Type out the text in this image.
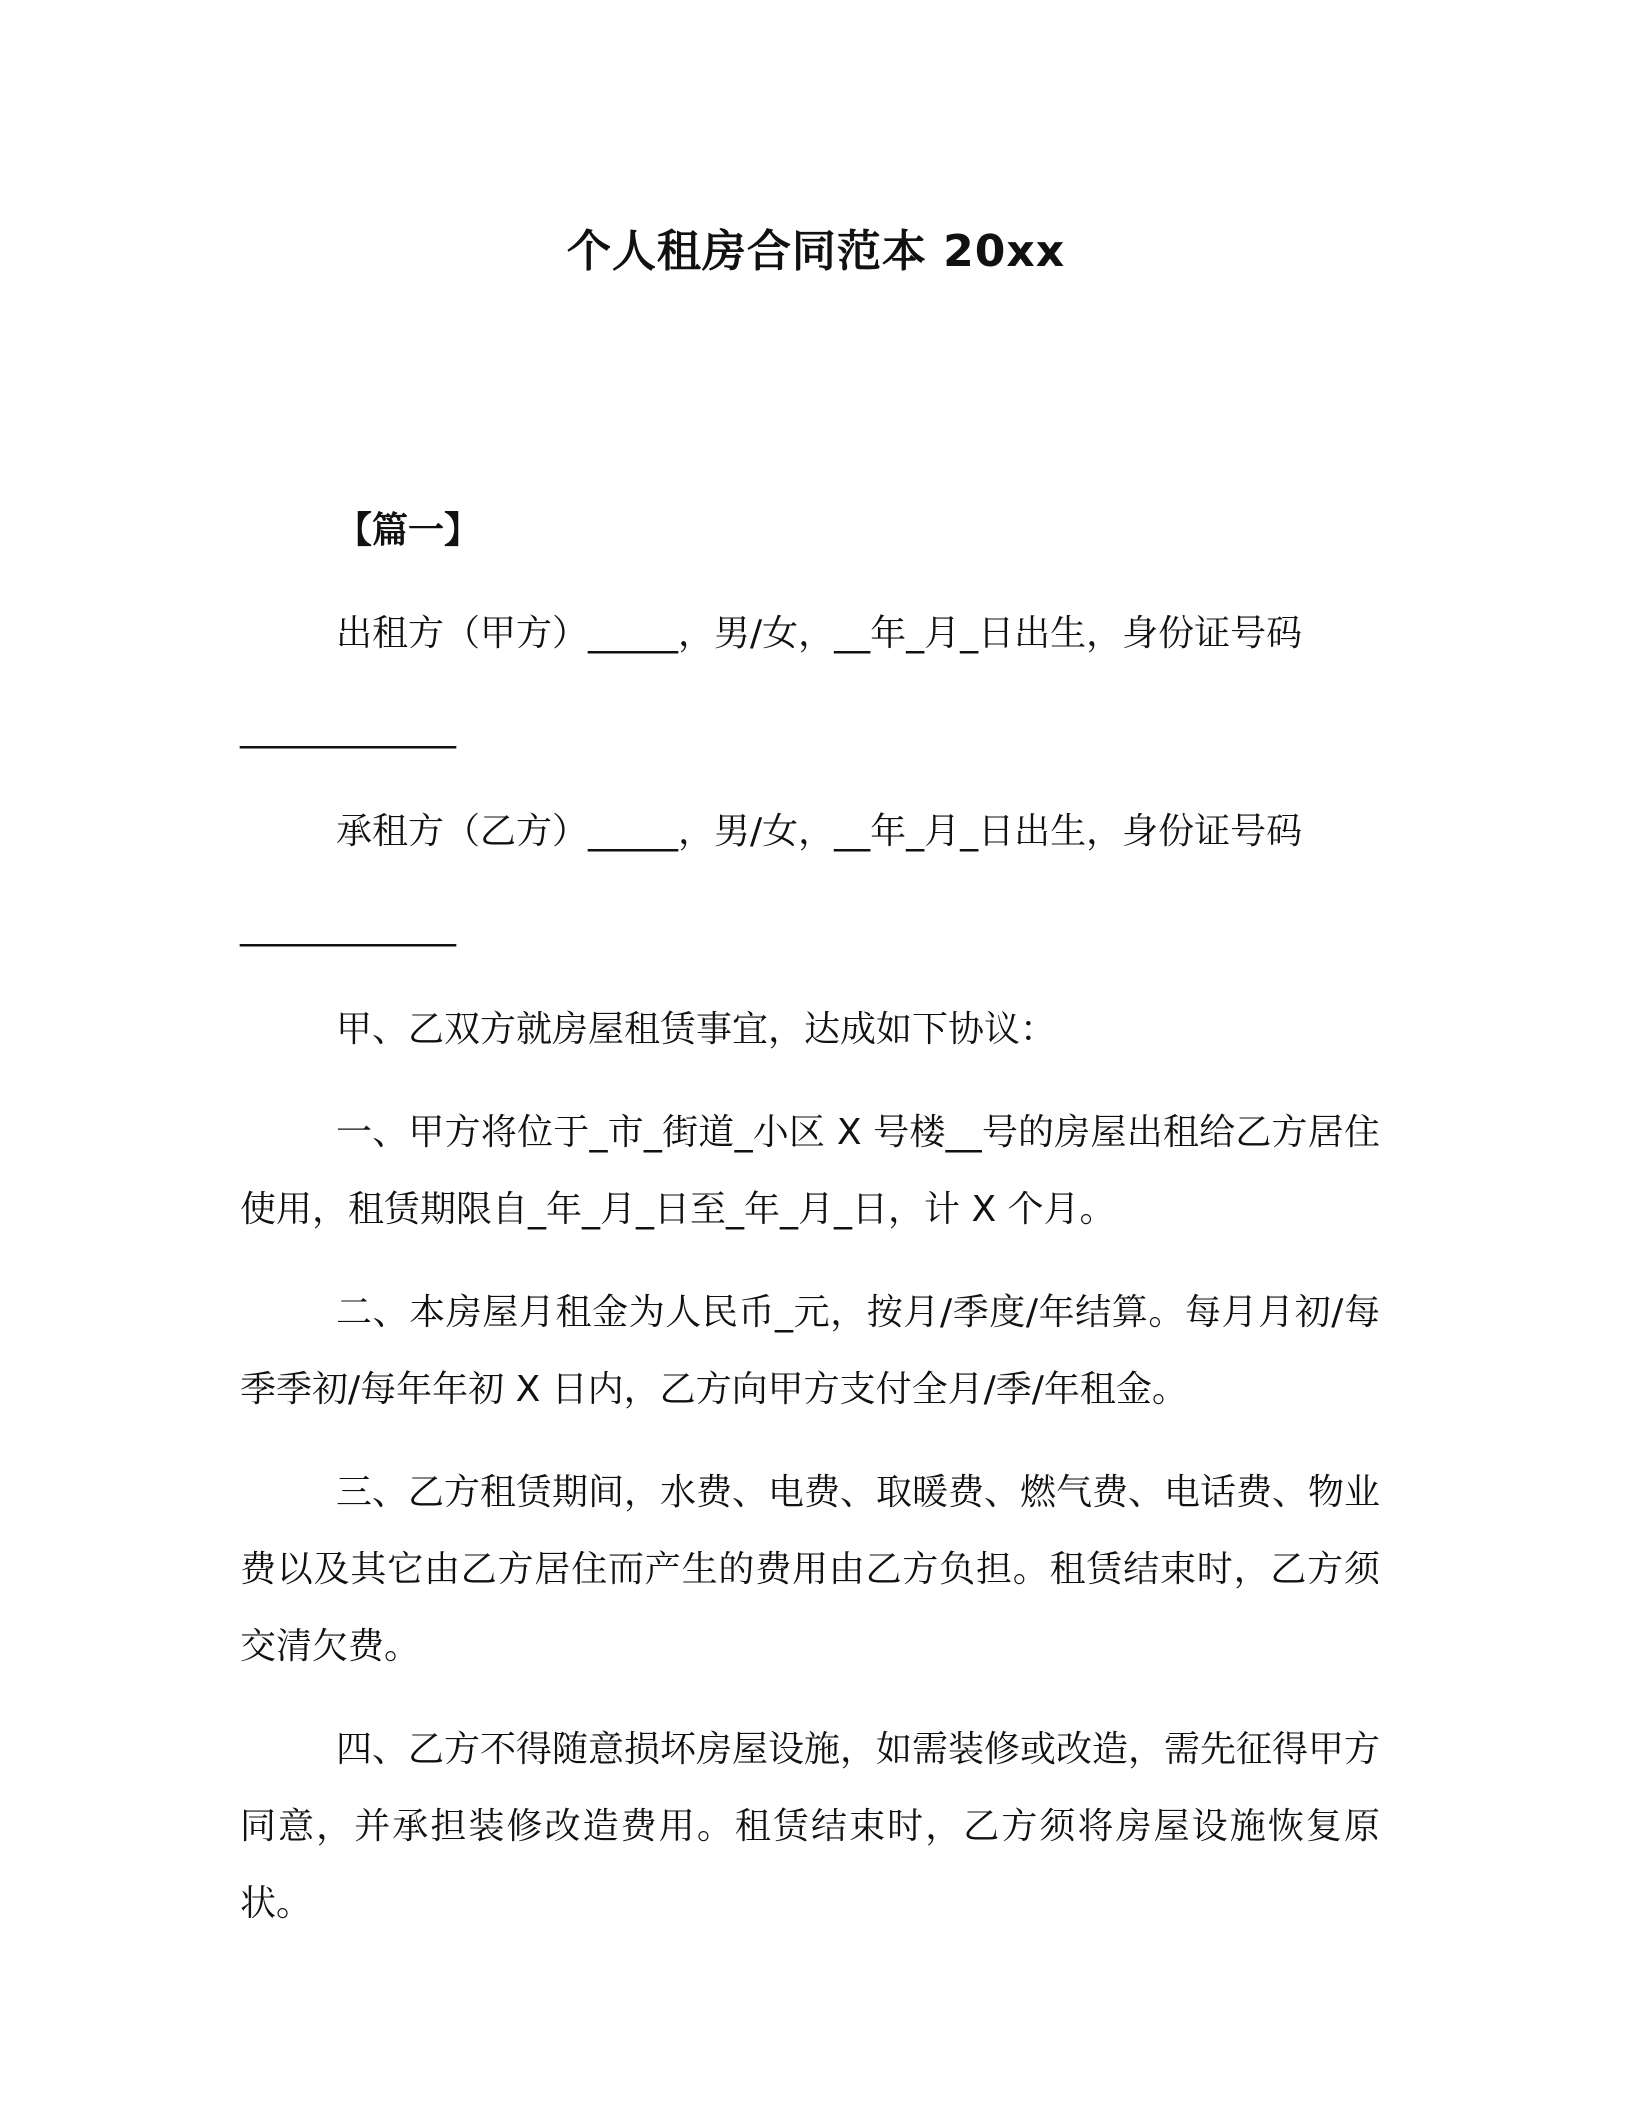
个人租房合同范本 20xx
【篇一】
出租方（甲方）_____，男/女，__年_月_日出生，身份证号码
____________
承租方（乙方）_____，男/女，__年_月_日出生，身份证号码
____________
甲、乙双方就房屋租赁事宜，达成如下协议：
一、甲方将位于_市_街道_小区 X 号楼__号的房屋出租给乙方居住使用，租赁期限自_年_月_日至_年_月_日，计 X 个月。
二、本房屋月租金为人民币_元，按月/季度/年结算。每月月初/每季季初/每年年初 X 日内，乙方向甲方支付全月/季/年租金。
三、乙方租赁期间，水费、电费、取暖费、燃气费、电话费、物业费以及其它由乙方居住而产生的费用由乙方负担。租赁结束时，乙方须交清欠费。
四、乙方不得随意损坏房屋设施，如需装修或改造，需先征得甲方同意，并承担装修改造费用。租赁结束时，乙方须将房屋设施恢复原状。
